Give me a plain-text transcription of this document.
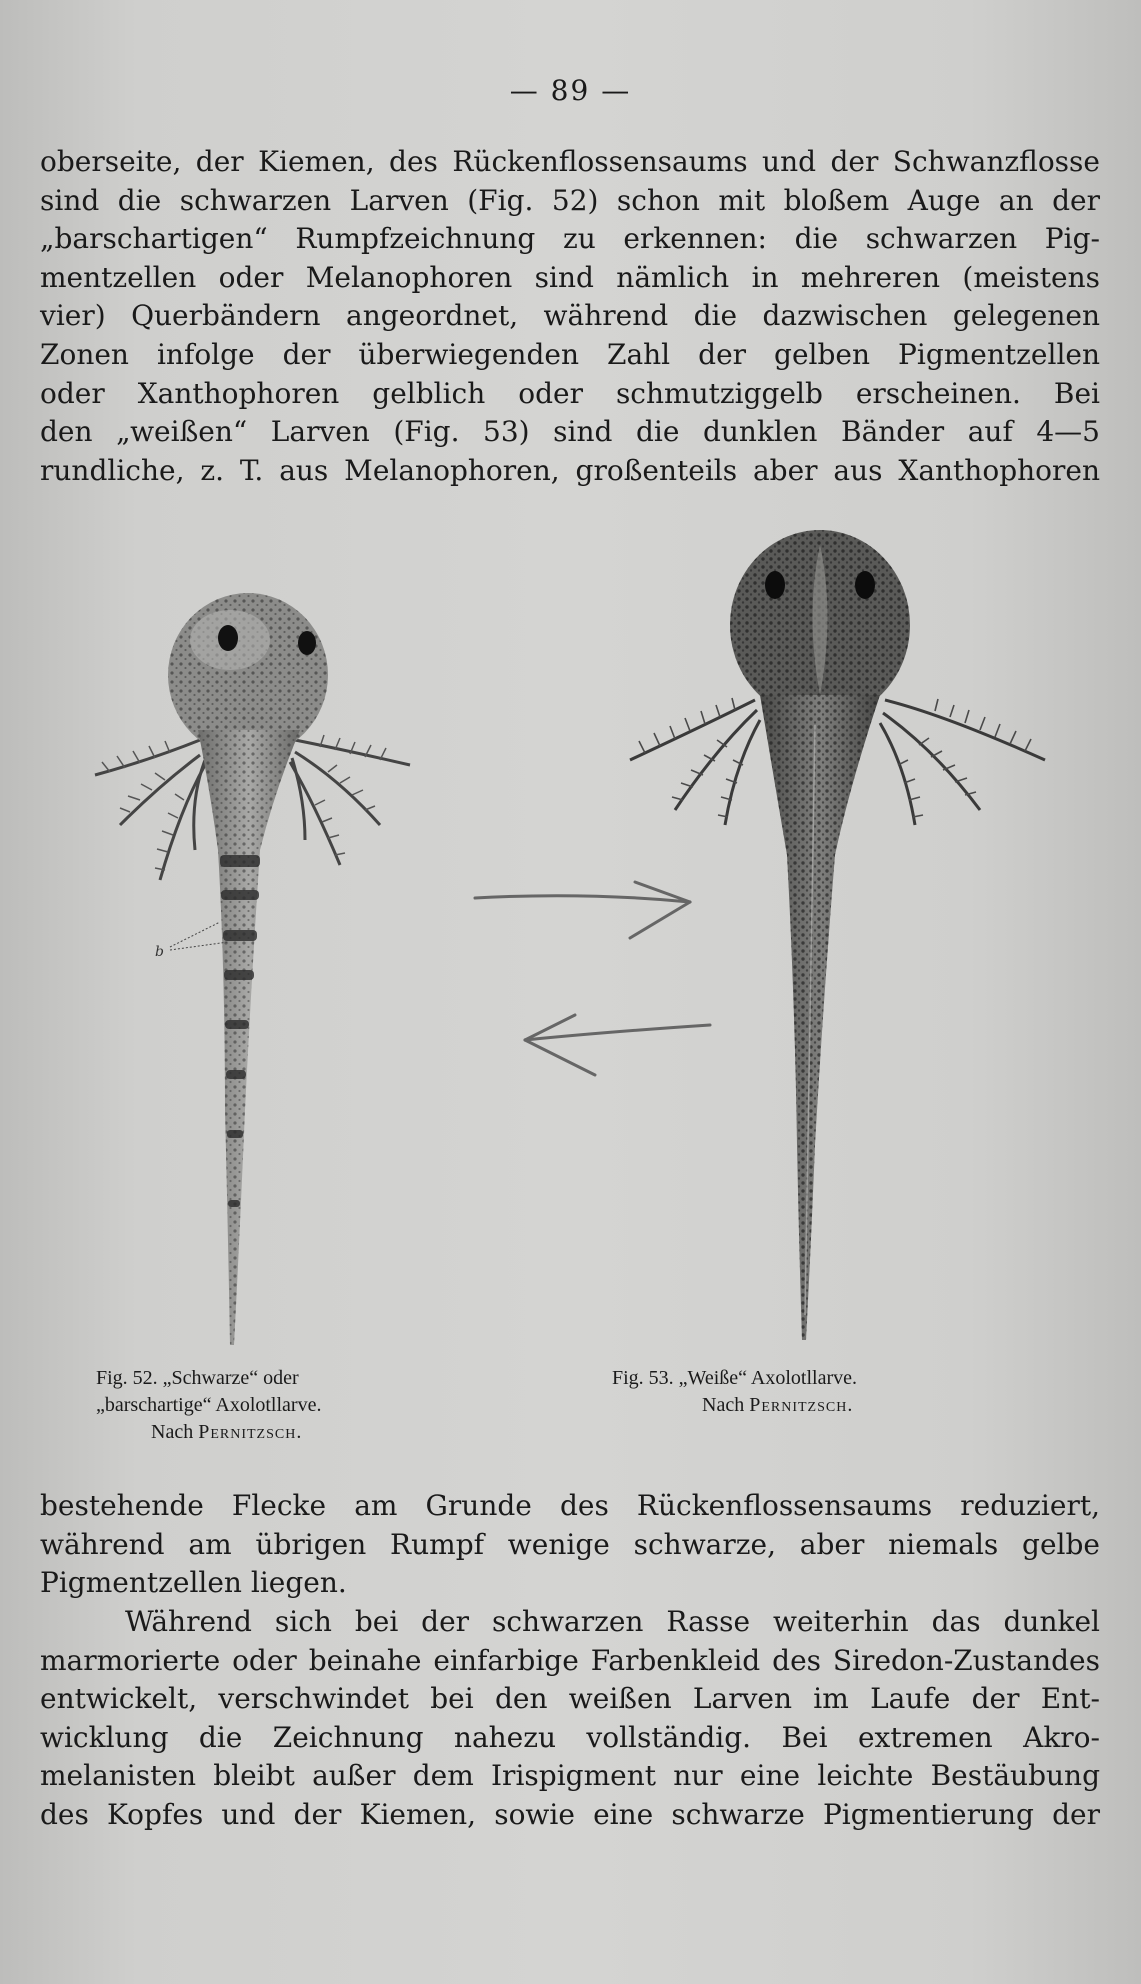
— 89 —
oberseite, der Kiemen, des Rückenflossensaums und der Schwanzflosse
sind die schwarzen Larven (Fig. 52) schon mit bloßem Auge an der
„barschartigen“ Rumpfzeichnung zu erkennen: die schwarzen Pig-
mentzellen oder Melanophoren sind nämlich in mehreren (meistens
vier) Querbändern angeordnet, während die dazwischen gelegenen
Zonen infolge der überwiegenden Zahl der gelben Pigmentzellen
oder Xanthophoren gelblich oder schmutziggelb erscheinen. Bei
den „weißen“ Larven (Fig. 53) sind die dunklen Bänder auf 4—5
rundliche, z. T. aus Melanophoren, großenteils aber aus Xanthophoren
b
Fig. 52. „Schwarze“ oder
„barschartige“ Axolotllarve.
Nach Pernitzsch.
Fig. 53. „Weiße“ Axolotllarve.
Nach Pernitzsch.
bestehende Flecke am Grunde des Rückenflossensaums reduziert,
während am übrigen Rumpf wenige schwarze, aber niemals gelbe
Pigmentzellen liegen.
Während sich bei der schwarzen Rasse weiterhin das dunkel
marmorierte oder beinahe einfarbige Farbenkleid des Siredon-Zustandes
entwickelt, verschwindet bei den weißen Larven im Laufe der Ent-
wicklung die Zeichnung nahezu vollständig. Bei extremen Akro-
melanisten bleibt außer dem Irispigment nur eine leichte Bestäubung
des Kopfes und der Kiemen, sowie eine schwarze Pigmentierung der
